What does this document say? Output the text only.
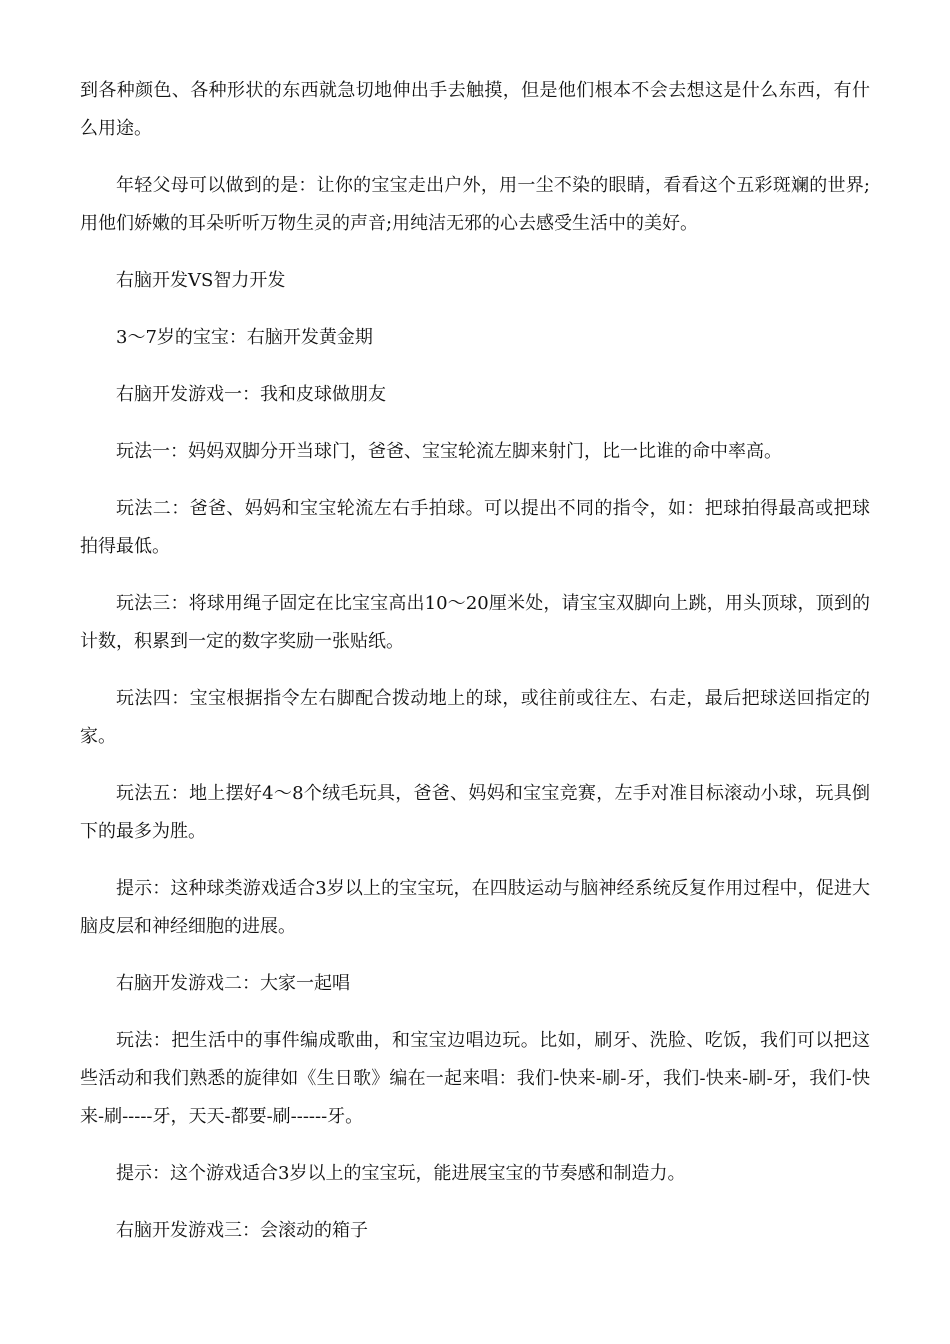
到各种颜色、各种形状的东西就急切地伸出手去触摸，但是他们根本不会去想这是什么东西，有什么用途。

年轻父母可以做到的是：让你的宝宝走出户外，用一尘不染的眼睛，看看这个五彩斑斓的世界;用他们娇嫩的耳朵听听万物生灵的声音;用纯洁无邪的心去感受生活中的美好。

右脑开发VS智力开发

3～7岁的宝宝：右脑开发黄金期

右脑开发游戏一：我和皮球做朋友

玩法一：妈妈双脚分开当球门，爸爸、宝宝轮流左脚来射门，比一比谁的命中率高。

玩法二：爸爸、妈妈和宝宝轮流左右手拍球。可以提出不同的指令，如：把球拍得最高或把球拍得最低。

玩法三：将球用绳子固定在比宝宝高出10～20厘米处，请宝宝双脚向上跳，用头顶球，顶到的计数，积累到一定的数字奖励一张贴纸。

玩法四：宝宝根据指令左右脚配合拨动地上的球，或往前或往左、右走，最后把球送回指定的家。

玩法五：地上摆好4～8个绒毛玩具，爸爸、妈妈和宝宝竞赛，左手对准目标滚动小球，玩具倒下的最多为胜。

提示：这种球类游戏适合3岁以上的宝宝玩，在四肢运动与脑神经系统反复作用过程中，促进大脑皮层和神经细胞的进展。

右脑开发游戏二：大家一起唱

玩法：把生活中的事件编成歌曲，和宝宝边唱边玩。比如，刷牙、洗脸、吃饭，我们可以把这些活动和我们熟悉的旋律如《生日歌》编在一起来唱：我们-快来-刷-牙，我们-快来-刷-牙，我们-快来-刷-----牙，天天-都要-刷------牙。

提示：这个游戏适合3岁以上的宝宝玩，能进展宝宝的节奏感和制造力。

右脑开发游戏三：会滚动的箱子
